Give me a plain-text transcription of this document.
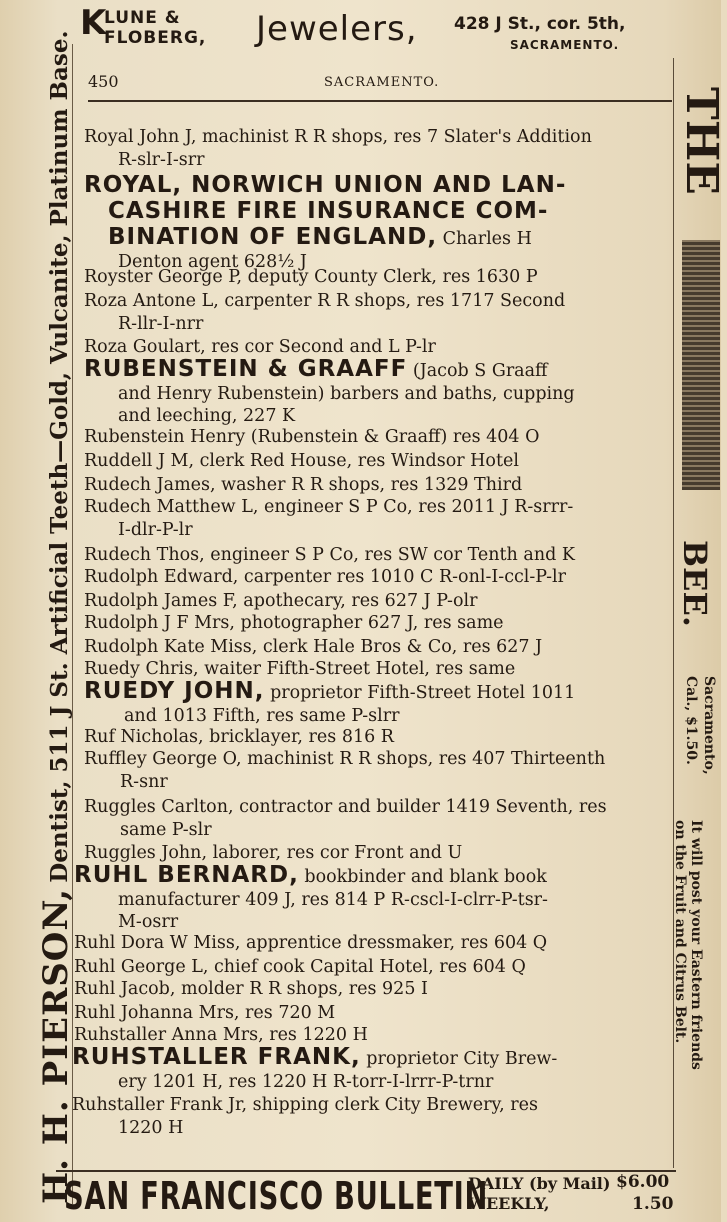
K
LUNE &
FLOBERG, Jewelers, 428 J St., cor. 5th,
SACRAMENTO.
H. H. PIERSON, Dentist, 511 J St. Artificial Teeth—Gold, Vulcanite, Platinum Base. 450	SACRAMENTO.
THE
BEE.
Sacramento,
Cal., $1.50.
It will post your Eastern friends
on the Fruit and Citrus Belt.
Royal John J, machinist R R shops, res 7 Slater's Addition
R-slr-I-srr
ROYAL, NORWICH UNION AND LAN-
CASHIRE FIRE INSURANCE COM-
BINATION OF ENGLAND, Charles H
Denton agent 628½ J
Royster George P, deputy County Clerk, res 1630 P
Roza Antone L, carpenter R R shops, res 1717 Second
R-llr-I-nrr
Roza Goulart, res cor Second and L P-lr
RUBENSTEIN & GRAAFF (Jacob S Graaff
and Henry Rubenstein) barbers and baths, cupping
and leeching, 227 K
Rubenstein Henry (Rubenstein & Graaff) res 404 O
Ruddell J M, clerk Red House, res Windsor Hotel
Rudech James, washer R R shops, res 1329 Third
Rudech Matthew L, engineer S P Co, res 2011 J R-srrr-
I-dlr-P-lr
Rudech Thos, engineer S P Co, res SW cor Tenth and K
Rudolph Edward, carpenter res 1010 C R-onl-I-ccl-P-lr
Rudolph James F, apothecary, res 627 J P-olr
Rudolph J F Mrs, photographer 627 J, res same
Rudolph Kate Miss, clerk Hale Bros & Co, res 627 J
Ruedy Chris, waiter Fifth-Street Hotel, res same
RUEDY JOHN, proprietor Fifth-Street Hotel 1011
and 1013 Fifth, res same P-slrr
Ruf Nicholas, bricklayer, res 816 R
Ruffley George O, machinist R R shops, res 407 Thirteenth
R-snr
Ruggles Carlton, contractor and builder 1419 Seventh, res
same P-slr
Ruggles John, laborer, res cor Front and U
RUHL BERNARD, bookbinder and blank book
manufacturer 409 J, res 814 P R-cscl-I-clrr-P-tsr-
M-osrr
Ruhl Dora W Miss, apprentice dressmaker, res 604 Q
Ruhl George L, chief cook Capital Hotel, res 604 Q
Ruhl Jacob, molder R R shops, res 925 I
Ruhl Johanna Mrs, res 720 M
Ruhstaller Anna Mrs, res 1220 H
RUHSTALLER FRANK, proprietor City Brew-
ery 1201 H, res 1220 H R-torr-I-lrrr-P-trnr
Ruhstaller Frank Jr, shipping clerk City Brewery, res
1220 H
SAN FRANCISCO BULLETIN
DAILY (by Mail)
WEEKLY,
$6.00
1.50
